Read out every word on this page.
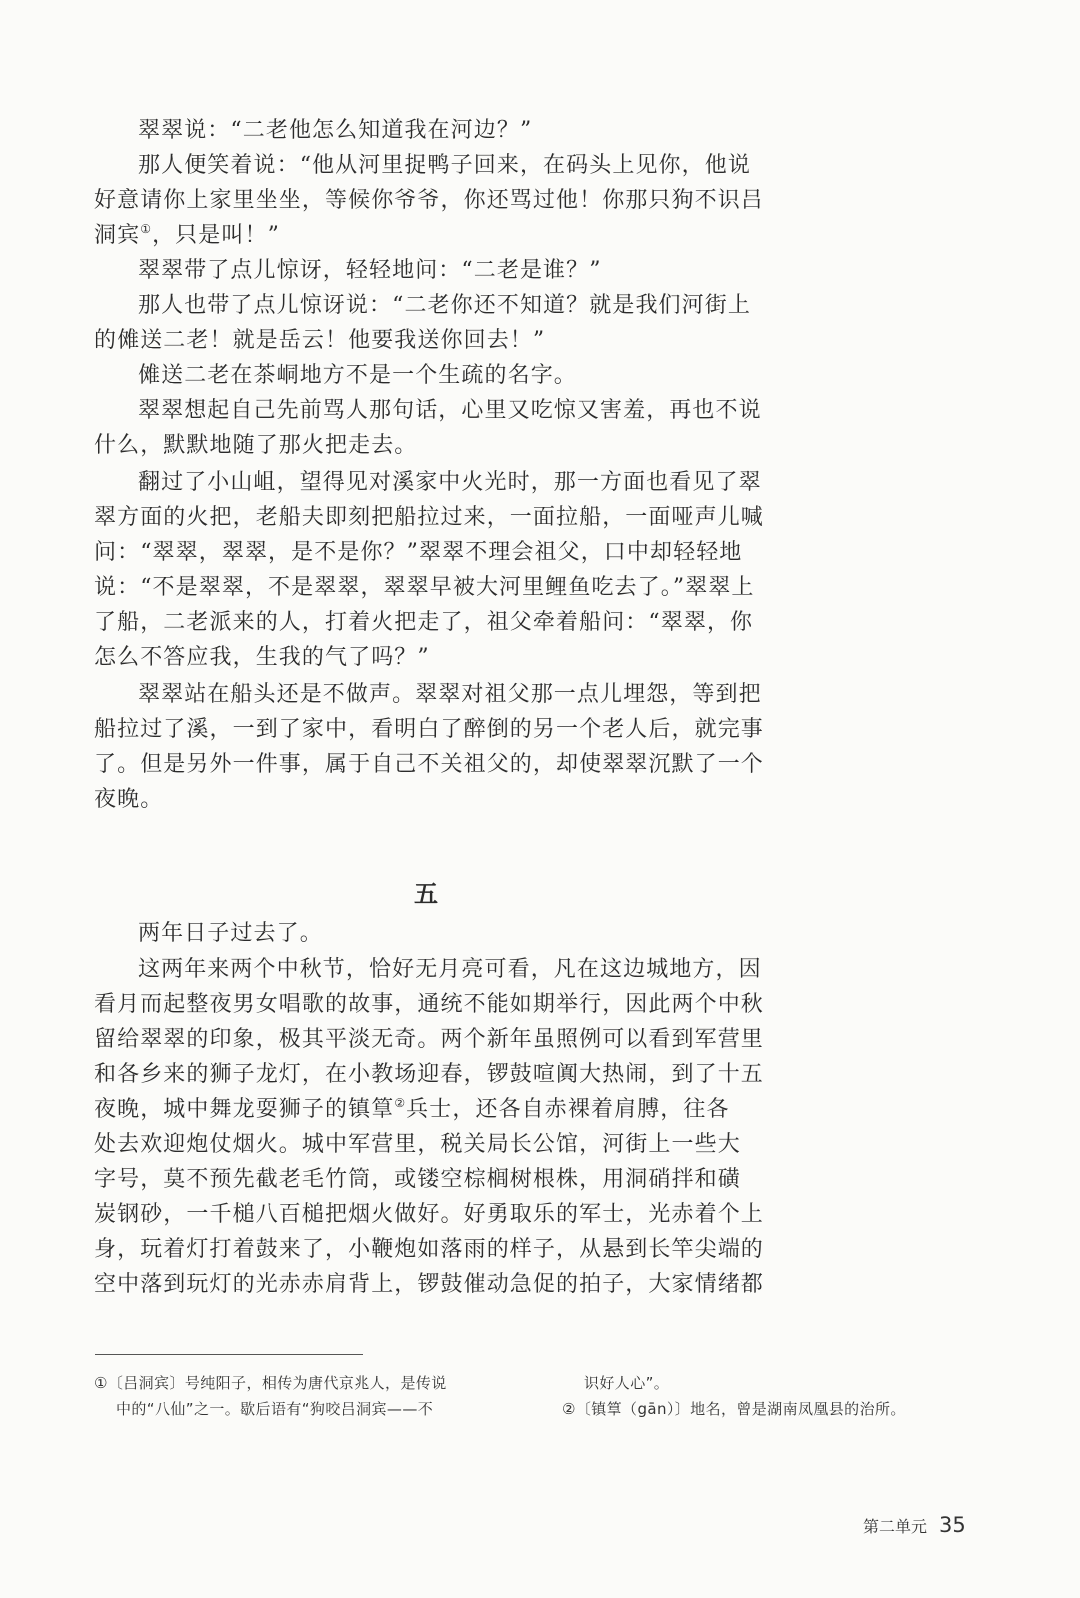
翠翠说：“二老他怎么知道我在河边？”

那人便笑着说：“他从河里捉鸭子回来，在码头上见你，他说

好意请你上家里坐坐，等候你爷爷，你还骂过他！你那只狗不识吕

洞宾①，只是叫！”

翠翠带了点儿惊讶，轻轻地问：“二老是谁？”

那人也带了点儿惊讶说：“二老你还不知道？就是我们河街上

的傩送二老！就是岳云！他要我送你回去！”

傩送二老在茶峒地方不是一个生疏的名字。

翠翠想起自己先前骂人那句话，心里又吃惊又害羞，再也不说

什么，默默地随了那火把走去。

翻过了小山岨，望得见对溪家中火光时，那一方面也看见了翠

翠方面的火把，老船夫即刻把船拉过来，一面拉船，一面哑声儿喊

问：“翠翠，翠翠，是不是你？”翠翠不理会祖父，口中却轻轻地

说：“不是翠翠，不是翠翠，翠翠早被大河里鲤鱼吃去了。”翠翠上

了船，二老派来的人，打着火把走了，祖父牵着船问：“翠翠，你

怎么不答应我，生我的气了吗？”

翠翠站在船头还是不做声。翠翠对祖父那一点儿埋怨，等到把

船拉过了溪，一到了家中，看明白了醉倒的另一个老人后，就完事

了。但是另外一件事，属于自己不关祖父的，却使翠翠沉默了一个

夜晚。

五

两年日子过去了。

这两年来两个中秋节，恰好无月亮可看，凡在这边城地方，因

看月而起整夜男女唱歌的故事，通统不能如期举行，因此两个中秋

留给翠翠的印象，极其平淡无奇。两个新年虽照例可以看到军营里

和各乡来的狮子龙灯，在小教场迎春，锣鼓喧阗大热闹，到了十五

夜晚，城中舞龙耍狮子的镇筸②兵士，还各自赤裸着肩膊，往各

处去欢迎炮仗烟火。城中军营里，税关局长公馆，河街上一些大

字号，莫不预先截老毛竹筒，或镂空棕榈树根株，用洞硝拌和磺

炭钢砂，一千槌八百槌把烟火做好。好勇取乐的军士，光赤着个上

身，玩着灯打着鼓来了，小鞭炮如落雨的样子，从悬到长竿尖端的

空中落到玩灯的光赤赤肩背上，锣鼓催动急促的拍子，大家情绪都

①〔吕洞宾〕号纯阳子，相传为唐代京兆人，是传说

中的“八仙”之一。歇后语有“狗咬吕洞宾——不

识好人心”。

②〔镇筸（gān）〕地名，曾是湖南凤凰县的治所。

第二单元 35
